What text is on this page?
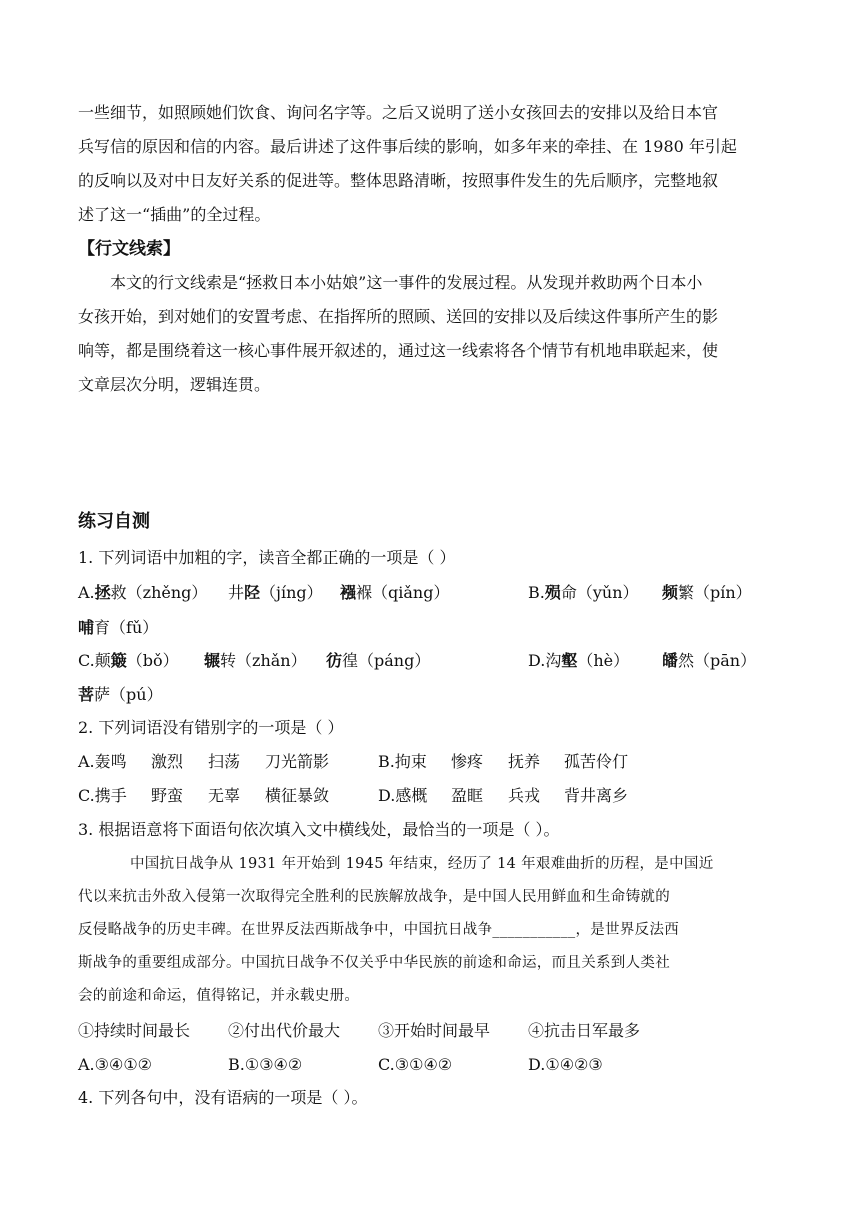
一些细节，如照顾她们饮食、询问名字等。之后又说明了送小女孩回去的安排以及给日本官
兵写信的原因和信的内容。最后讲述了这件事后续的影响，如多年来的牵挂、在 1980 年引起
的反响以及对中日友好关系的促进等。整体思路清晰，按照事件发生的先后顺序，完整地叙
述了这一“插曲”的全过程。
【行文线索】
本文的行文线索是“拯救日本小姑娘”这一事件的发展过程。从发现并救助两个日本小
女孩开始，到对她们的安置考虑、在指挥所的照顾、送回的安排以及后续这件事所产生的影
响等，都是围绕着这一核心事件展开叙述的，通过这一线索将各个情节有机地串联起来，使
文章层次分明，逻辑连贯。
练习自测
1. 下列词语中加粗的字，读音全都正确的一项是（ ）
A.拯救（zhěng） 井陉（jíng） 襁褓（qiǎng）	B.殒命（yǔn） 频繁（pín）
哺育（fǔ）
C.颠簸（bǒ） 辗转（zhǎn） 彷徨（páng）	D.沟壑（hè） 皤然（pān）
菩萨（pú）
2. 下列词语没有错别字的一项是（ ）
A.轰鸣 激烈 扫荡 刀光箭影	B.拘束 惨疼 抚养 孤苦伶仃
C.携手 野蛮 无辜 横征暴敛	D.感概 盈眶 兵戎 背井离乡
3. 根据语意将下面语句依次填入文中横线处，最恰当的一项是（ ）。
中国抗日战争从 1931 年开始到 1945 年结束，经历了 14 年艰难曲折的历程，是中国近
代以来抗击外敌入侵第一次取得完全胜利的民族解放战争，是中国人民用鲜血和生命铸就的
反侵略战争的历史丰碑。在世界反法西斯战争中，中国抗日战争___________，是世界反法西
斯战争的重要组成部分。中国抗日战争不仅关乎中华民族的前途和命运，而且关系到人类社
会的前途和命运，值得铭记，并永载史册。
①持续时间最长 ②付出代价最大 ③开始时间最早 ④抗击日军最多
A.③④①②	B.①③④②	C.③①④②	D.①④②③
4. 下列各句中，没有语病的一项是（ ）。
